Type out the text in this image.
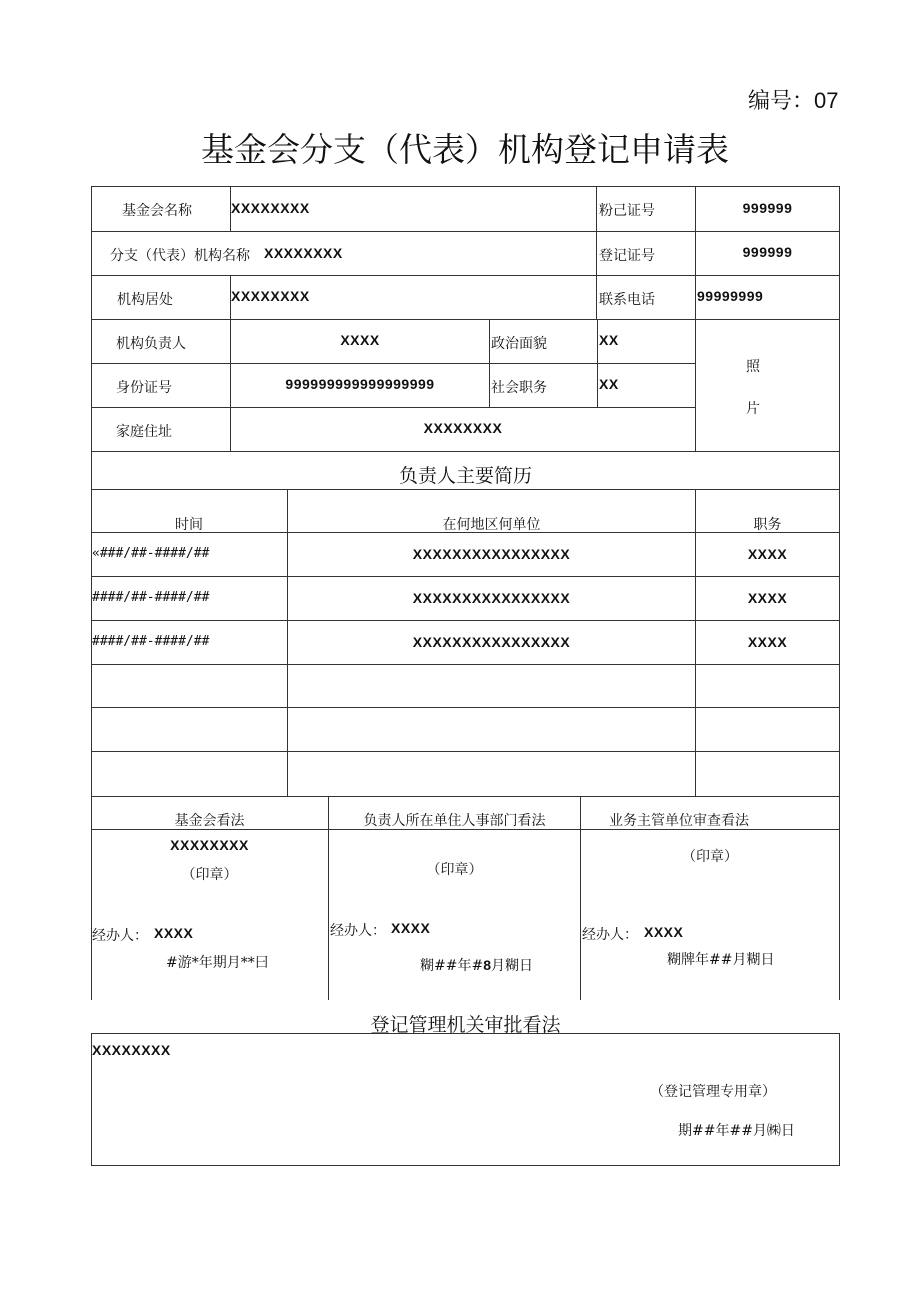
编号：07
基金会分支（代表）机构登记申请表
基金会名称	XXXXXXXX	粉己证号	999999
分支（代表）机构名称 XXXXXXXX	登记证号	999999
机构居处	XXXXXXXX	联系电话	99999999
机构负责人	XXXX	政治面貌	XX
身份证号	999999999999999999	社会职务	XX
照
片
家庭住址	XXXXXXXX
负责人主要简历
时间	在何地区何单位	职务
«###/##-####/##	XXXXXXXXXXXXXXXX	XXXX
####/##-####/##	XXXXXXXXXXXXXXXX	XXXX
####/##-####/##	XXXXXXXXXXXXXXXX	XXXX
基金会看法	负责人所在单住人事部门看法	业务主管单位审查看法
XXXXXXXX
（印章）
经办人： XXXX
#游*年期月**曰
（印章）
经办人： XXXX
糊##年#8月糊日
（印章）
经办人： XXXX
糊牌年##月糊日
登记管理机关审批看法
XXXXXXXX
（登记管理专用章）
期##年##月㈱日
